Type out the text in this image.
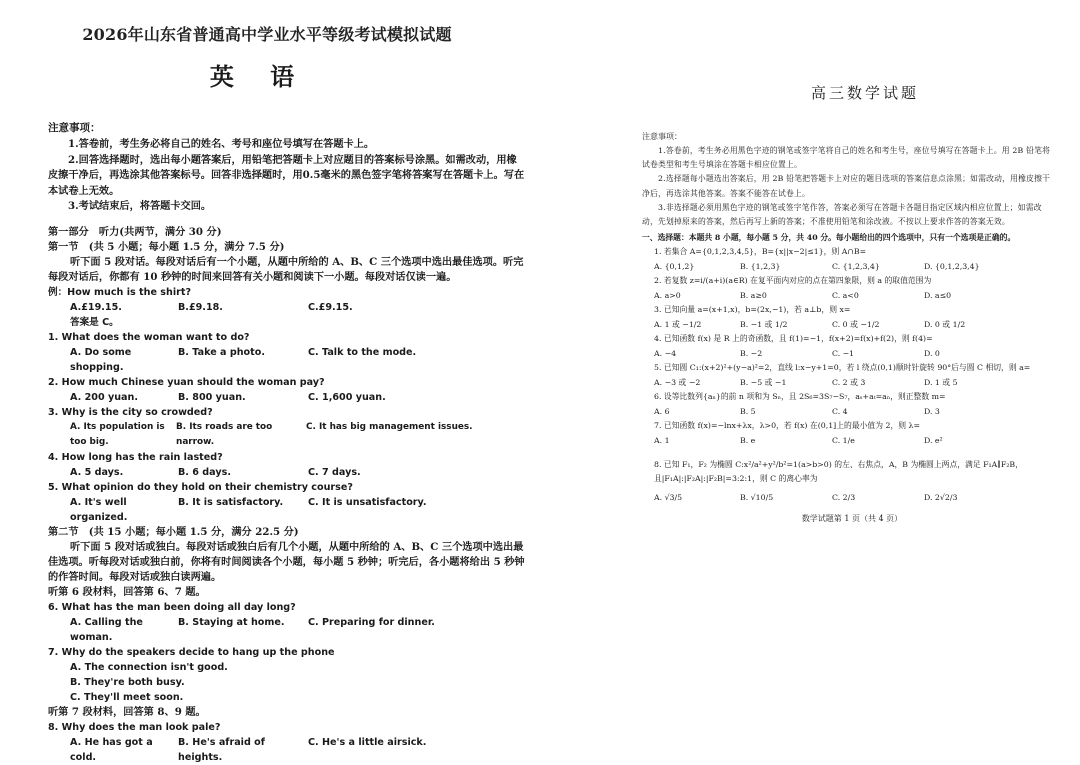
2026年山东省普通高中学业水平等级考试模拟试题
英 语
注意事项：
1.答卷前，考生务必将自己的姓名、考号和座位号填写在答题卡上。
2.回答选择题时，选出每小题答案后，用铅笔把答题卡上对应题目的答案标号涂黑。如需改动，用橡皮擦干净后，再选涂其他答案标号。回答非选择题时，用0.5毫米的黑色签字笔将答案写在答题卡上。写在本试卷上无效。
3.考试结束后，将答题卡交回。
第一部分　听力(共两节，满分 30 分)
第一节　(共 5 小题；每小题 1.5 分，满分 7.5 分)
听下面 5 段对话。每段对话后有一个小题，从题中所给的 A、B、C 三个选项中选出最佳选项。听完每段对话后，你都有 10 秒钟的时间来回答有关小题和阅读下一小题。每段对话仅读一遍。
例：How much is the shirt?
A.£19.15.	B.£9.18.	C.£9.15.
答案是 C。
1. What does the woman want to do?
A. Do some shopping.
B. Take a photo.	C. Talk to the mode.
2. How much Chinese yuan should the woman pay?
A. 200 yuan.	B. 800 yuan.	C. 1,600 yuan.
3. Why is the city so crowded?
A. Its population is too big.
B. Its roads are too narrow.
C. It has big management issues.
4. How long has the rain lasted?
A. 5 days.	B. 6 days.	C. 7 days.
5. What opinion do they hold on their chemistry course?
A. It's well organized.
B. It is satisfactory.	C. It is unsatisfactory.
第二节　(共 15 小题；每小题 1.5 分，满分 22.5 分)
听下面 5 段对话或独白。每段对话或独白后有几个小题，从题中所给的 A、B、C 三个选项中选出最佳选项。听每段对话或独白前，你将有时间阅读各个小题，每小题 5 秒钟；听完后，各小题将给出 5 秒钟的作答时间。每段对话或独白读两遍。
听第 6 段材料，回答第 6、7 题。
6. What has the man been doing all day long?
A. Calling the woman.
B. Staying at home.	C. Preparing for dinner.
7. Why do the speakers decide to hang up the phone
A. The connection isn't good.
B. They're both busy.
C. They'll meet soon.
听第 7 段材料，回答第 8、9 题。
8. Why does the man look pale?
A. He has got a cold.
B. He's afraid of heights.
C. He's a little airsick.
高三数学试题
注意事项：
1.答卷前，考生务必用黑色字迹的钢笔或签字笔将自己的姓名和考生号，座位号填写在答题卡上。用 2B 铅笔将试卷类型和考生号填涂在答题卡相应位置上。
2.选择题每小题选出答案后，用 2B 铅笔把答题卡上对应的题目选项的答案信息点涂黑；如需改动，用橡皮擦干净后，再选涂其他答案。答案不能答在试卷上。
3.非选择题必须用黑色字迹的钢笔或签字笔作答，答案必须写在答题卡各题目指定区域内相应位置上；如需改动，先划掉原来的答案，然后再写上新的答案；不准使用铅笔和涂改液。不按以上要求作答的答案无效。
一、选择题：本题共 8 小题，每小题 5 分，共 40 分。每小题给出的四个选项中，只有一个选项是正确的。
1. 若集合 A={0,1,2,3,4,5}，B={x||x−2|≤1}，则 A∩B=
A. {0,1,2}	B. {1,2,3}	C. {1,2,3,4}	D. {0,1,2,3,4}
2. 若复数 z=i/(a+i)(a∈R) 在复平面内对应的点在第四象限，则 a 的取值范围为
A. a>0	B. a≥0	C. a<0	D. a≤0
3. 已知向量 a=(x+1,x)，b=(2x,−1)，若 a⊥b，则 x=
A. 1 或 −1/2	B. −1 或 1/2	C. 0 或 −1/2	D. 0 或 1/2
4. 已知函数 f(x) 是 R 上的奇函数，且 f(1)=−1，f(x+2)=f(x)+f(2)，则 f(4)=
A. −4	B. −2	C. −1	D. 0
5. 已知圆 C₁:(x+2)²+(y−a)²=2，直线 l:x−y+1=0，若 l 绕点(0,1)顺时针旋转 90°后与圆 C 相切，则 a=
A. −3 或 −2	B. −5 或 −1	C. 2 或 3	D. 1 或 5
6. 设等比数列{aₙ}的前 n 项和为 Sₙ，且 2S₆=3S₇−S₇，aₛ+aₜ=aₙ，则正整数 m=
A. 6	B. 5	C. 4	D. 3
7. 已知函数 f(x)=−lnx+λx，λ>0，若 f(x) 在(0,1]上的最小值为 2，则 λ=
A. 1	B. e	C. 1/e	D. e²
8. 已知 F₁，F₂ 为椭圆 C:x²/a²+y²/b²=1(a>b>0) 的左、右焦点，A，B 为椭圆上两点，满足 F₁A∥F₂B，且|F₁A|:|F₂A|:|F₂B|=3:2:1，则 C 的离心率为
A. √3/5	B. √10/5	C. 2/3	D. 2√2/3
数学试题第 1 页（共 4 页）
